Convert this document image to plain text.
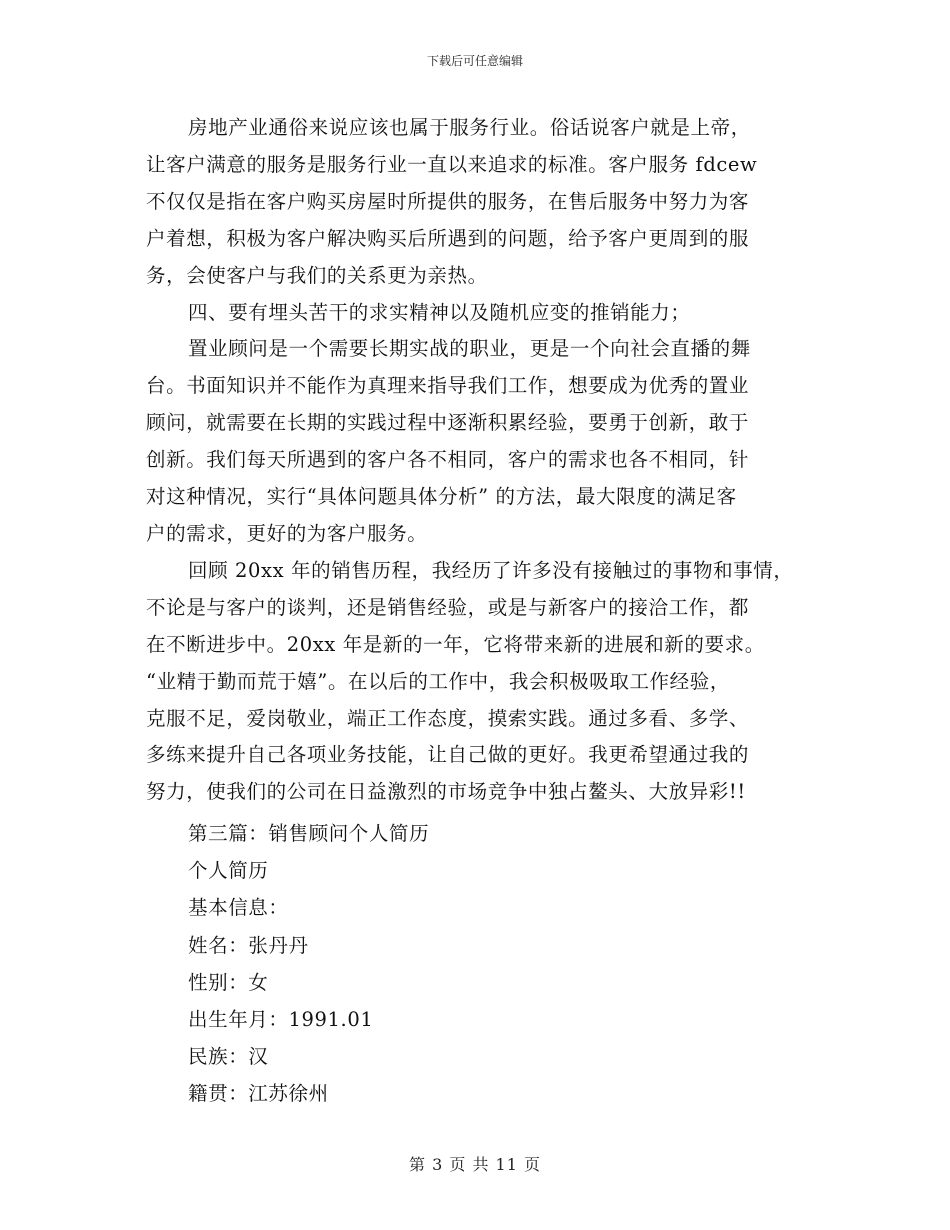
下载后可任意编辑

房地产业通俗来说应该也属于服务行业。俗话说客户就是上帝，
让客户满意的服务是服务行业一直以来追求的标准。客户服务 fdcew
不仅仅是指在客户购买房屋时所提供的服务，在售后服务中努力为客
户着想，积极为客户解决购买后所遇到的问题，给予客户更周到的服
务，会使客户与我们的关系更为亲热。

四、要有埋头苦干的求实精神以及随机应变的推销能力；

置业顾问是一个需要长期实战的职业，更是一个向社会直播的舞
台。书面知识并不能作为真理来指导我们工作，想要成为优秀的置业
顾问，就需要在长期的实践过程中逐渐积累经验，要勇于创新，敢于
创新。我们每天所遇到的客户各不相同，客户的需求也各不相同，针
对这种情况，实行“具体问题具体分析” 的方法，最大限度的满足客
户的需求，更好的为客户服务。

回顾 20xx 年的销售历程，我经历了许多没有接触过的事物和事情，
不论是与客户的谈判，还是销售经验，或是与新客户的接洽工作，都
在不断进步中。20xx 年是新的一年，它将带来新的进展和新的要求。
“业精于勤而荒于嬉”。在以后的工作中，我会积极吸取工作经验，
克服不足，爱岗敬业，端正工作态度，摸索实践。通过多看、多学、
多练来提升自己各项业务技能，让自己做的更好。我更希望通过我的
努力，使我们的公司在日益激烈的市场竞争中独占鳌头、大放异彩!!

第三篇：销售顾问个人简历
个人简历
基本信息：
姓名：张丹丹
性别：女
出生年月：1991.01
民族：汉
籍贯：江苏徐州
第 3 页 共 11 页
